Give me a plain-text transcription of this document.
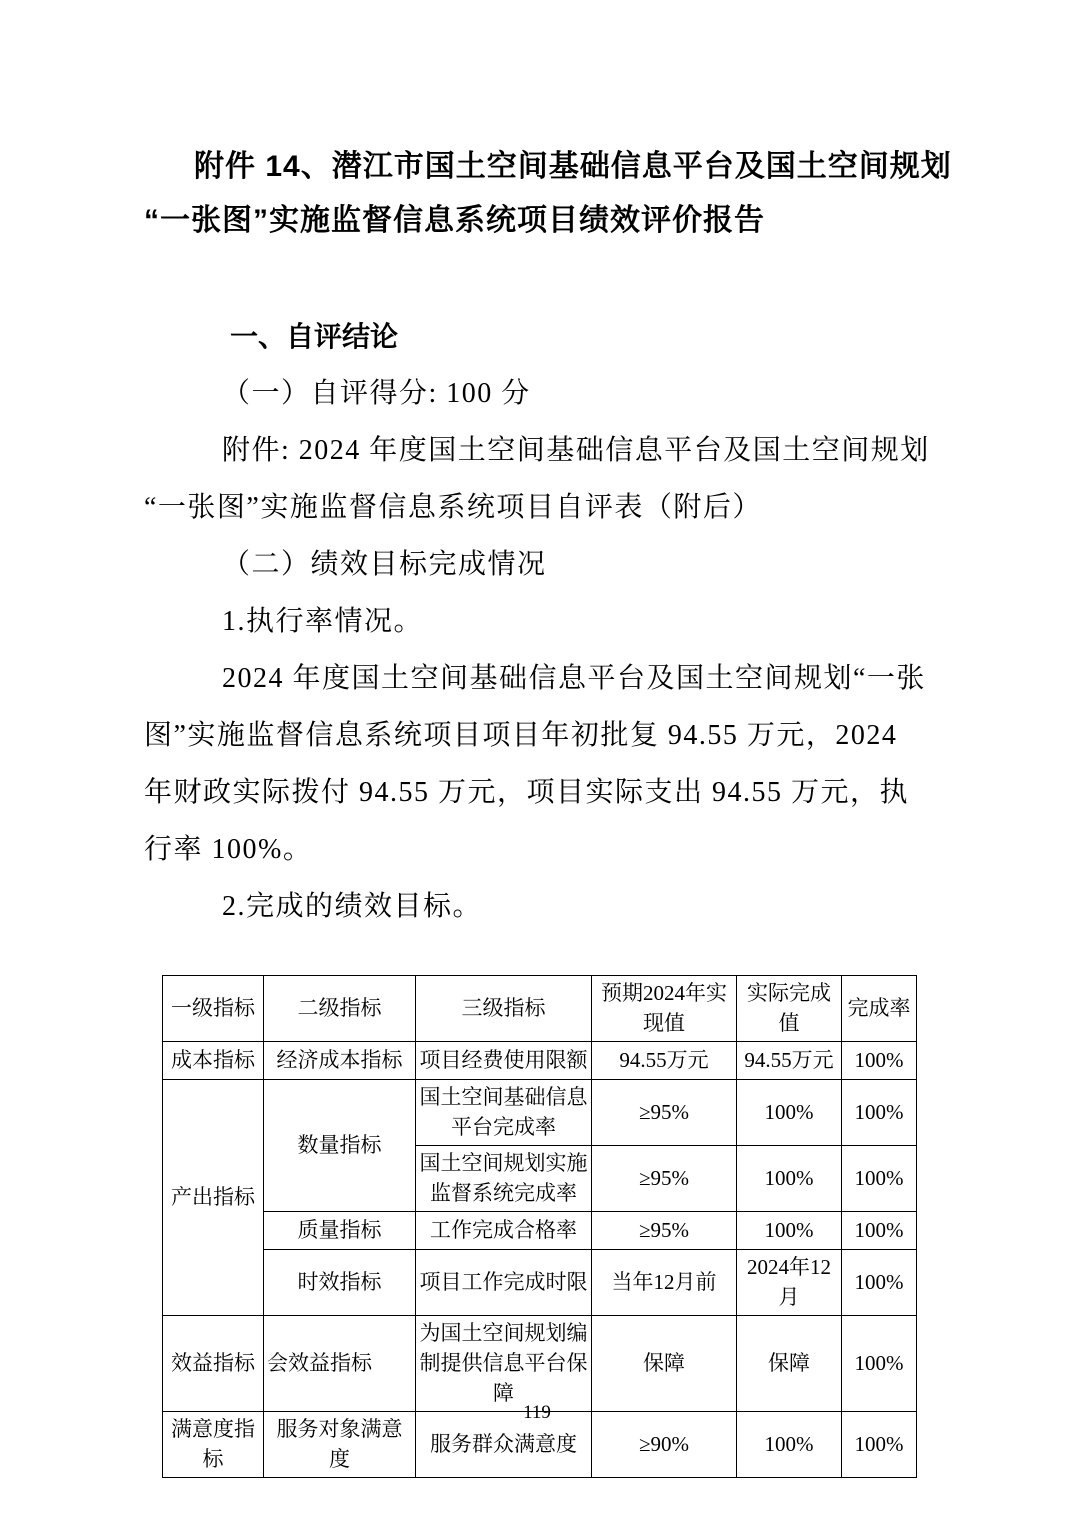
附件 14、潜江市国土空间基础信息平台及国土空间规划
“一张图”实施监督信息系统项目绩效评价报告
一、自评结论
（一）自评得分: 100 分
附件: 2024 年度国土空间基础信息平台及国土空间规划
“一张图”实施监督信息系统项目自评表（附后）
（二）绩效目标完成情况
1.执行率情况。
2024 年度国土空间基础信息平台及国土空间规划“一张
图”实施监督信息系统项目项目年初批复 94.55 万元，2024
年财政实际拨付 94.55 万元，项目实际支出 94.55 万元，执
行率 100%。
2.完成的绩效目标。
一级指标	二级指标	三级指标	预期2024年实现值	实际完成值	完成率
成本指标	经济成本指标	项目经费使用限额	94.55万元	94.55万元	100%
产出指标	数量指标	国土空间基础信息平台完成率	≥95%	100%	100%
		国土空间规划实施监督系统完成率	≥95%	100%	100%
	质量指标	工作完成合格率	≥95%	100%	100%
	时效指标	项目工作完成时限	当年12月前	2024年12月	100%
效益指标	会效益指标	为国土空间规划编制提供信息平台保障	保障	保障	100%
满意度指标	服务对象满意度	服务群众满意度	≥90%	100%	100%
119
